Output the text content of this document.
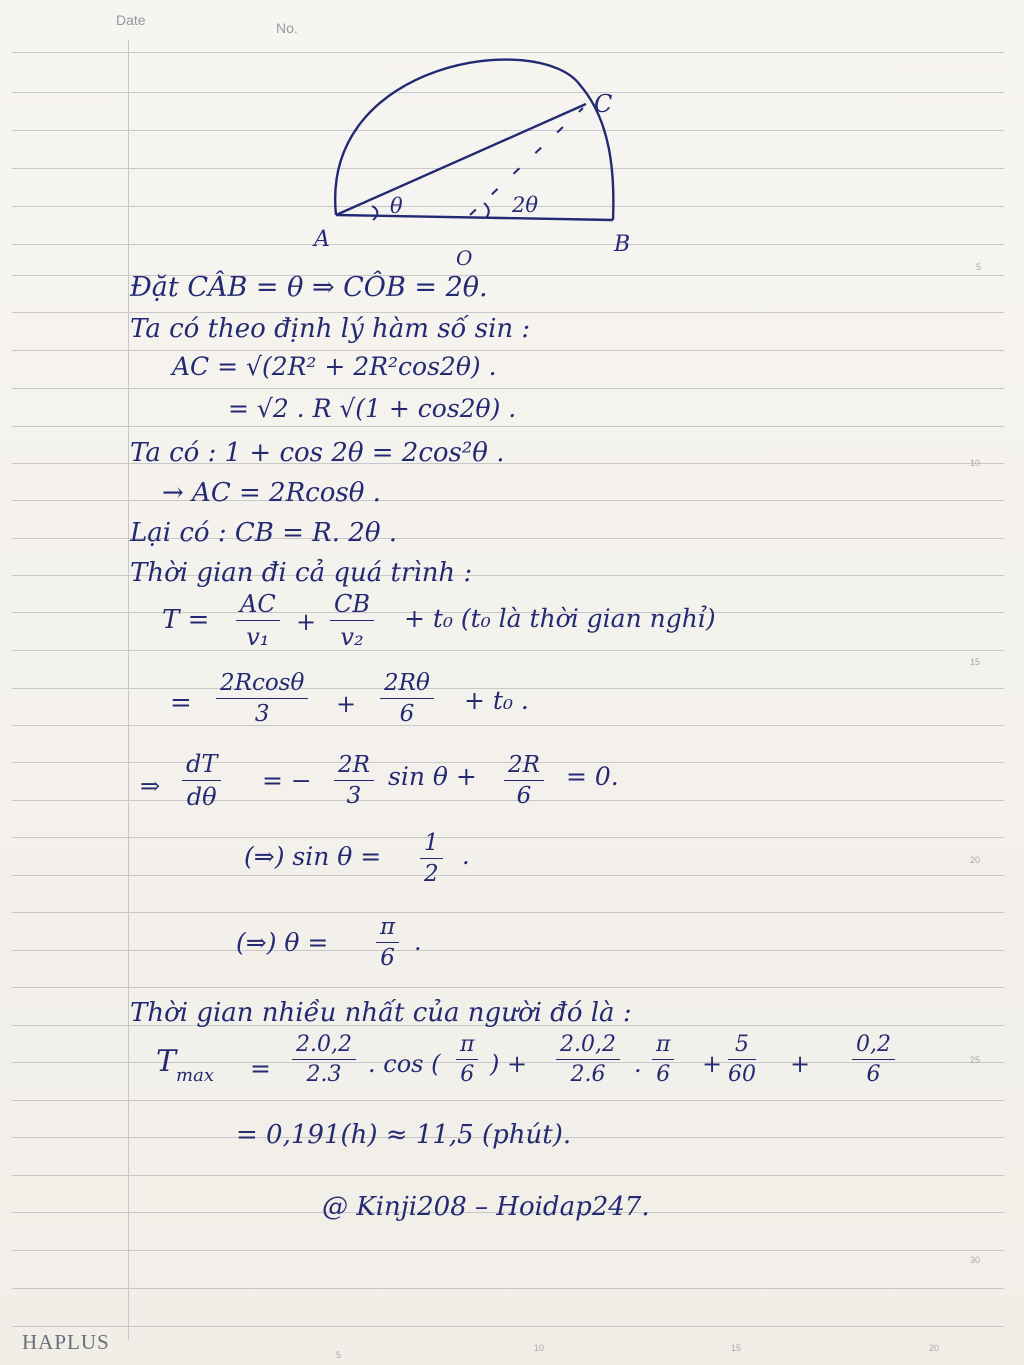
Date	No.
5
10
15
20
25
30
5
10	15	20
HAPLUS
A	B
C
O
θ	2θ
Đặt CÂB = θ ⇒ CÔB = 2θ.
Ta có theo định lý hàm số sin :
AC = √(2R² + 2R²cos2θ) .
= √2 . R √(1 + cos2θ) .
Ta có : 1 + cos 2θ = 2cos²θ .
→ AC = 2Rcosθ .
Lại có : CB = R. 2θ .
Thời gian đi cả quá trình :
$T = \frac{AC}{\text{v₁}} + \frac{CB}{\text{v₂}} + t_0$ (t₀ là thời gian nghỉ)
= $\frac{2Rcos\theta}{3} + \frac{2R\theta}{6} + t_0$ .
⇒ $\frac{dT}{d\theta}$ = − $\frac{2R}{3}$ $\sin \theta + \frac{2R}{6} = 0$.
(⇒) $\sin \theta = \frac{1}{2}$ .
(⇒) $\theta = \frac{\pi}{6}$ .
Thời gian nhiều nhất của người đó là :
$T_{max} = \frac{2.0,2}{2.3}$ . cos ( $\frac{\pi}{6}$ ) + $\frac{2.0,2}{2.6}$ . $\frac{\pi}{6} + \frac{5}{60} + \frac{0,2}{6}$
= 0,191(h) ≈ 11,5 (phút).
@ Kinji208 – Hoidap247.
